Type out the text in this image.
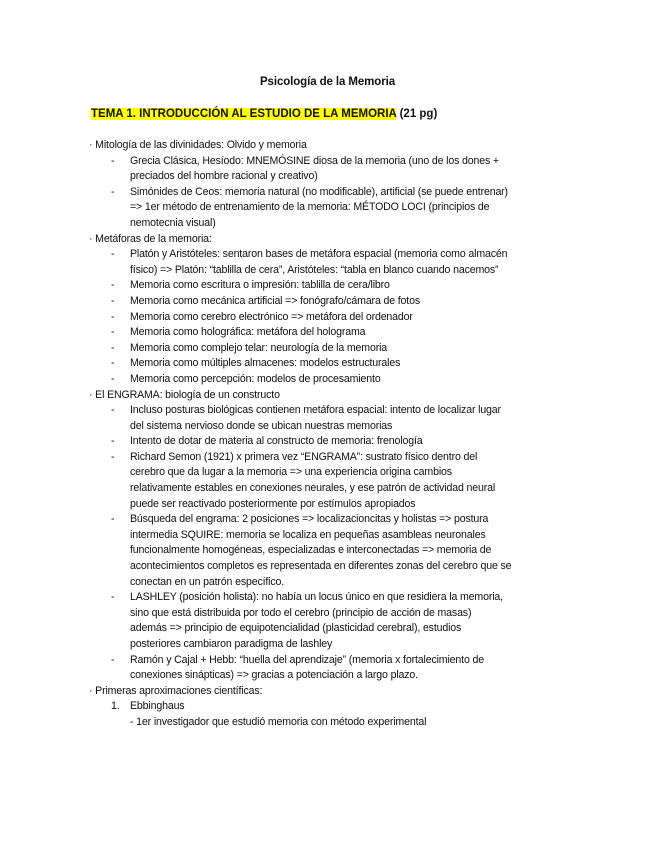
Psicología de la Memoria
TEMA 1. INTRODUCCIÓN AL ESTUDIO DE LA MEMORIA (21 pg)
· Mitología de las divinidades: Olvido y memoria
- Grecia Clásica, Hesíodo: MNEMÓSINE diosa de la memoria (uno de los dones +
preciados del hombre racional y creativo)
- Simónides de Ceos: memoria natural (no modificable), artificial (se puede entrenar)
=> 1er método de entrenamiento de la memoria: MÉTODO LOCI (principios de
nemotecnia visual)
· Metáforas de la memoria:
- Platón y Aristóteles: sentaron bases de metáfora espacial (memoria como almacén
físico) => Platón: “tablilla de cera”, Aristóteles: “tabla en blanco cuando nacemos”
- Memoria como escritura o impresión: tablilla de cera/libro
- Memoria como mecánica artificial => fonógrafo/cámara de fotos
- Memoria como cerebro electrónico => metáfora del ordenador
- Memoria como holográfica: metáfora del holograma
- Memoria como complejo telar: neurología de la memoria
- Memoria como múltiples almacenes: modelos estructurales
- Memoria como percepción: modelos de procesamiento
· El ENGRAMA: biología de un constructo
- Incluso posturas biológicas contienen metáfora espacial: intento de localizar lugar
del sistema nervioso donde se ubican nuestras memorias
- Intento de dotar de materia al constructo de memoria: frenología
- Richard Semon (1921) x primera vez “ENGRAMA”: sustrato físico dentro del
cerebro que da lugar a la memoria => una experiencia origina cambios
relativamente estables en conexiones neurales, y ese patrón de actividad neural
puede ser reactivado posteriormente por estímulos apropiados
- Búsqueda del engrama: 2 posiciones => localizacioncitas y holistas => postura
intermedia SQUIRE: memoria se localiza en pequeñas asambleas neuronales
funcionalmente homogéneas, especializadas e interconectadas => memoria de
acontecimientos completos es representada en diferentes zonas del cerebro que se
conectan en un patrón específico.
- LASHLEY (posición holista): no había un locus único en que residiera la memoria,
sino que está distribuida por todo el cerebro (principio de acción de masas)
además => principio de equipotencialidad (plasticidad cerebral), estudios
posteriores cambiaron paradigma de lashley
- Ramón y Cajal + Hebb: “huella del aprendizaje” (memoria x fortalecimiento de
conexiones sinápticas) => gracias a potenciación a largo plazo.
· Primeras aproximaciones científicas:
1. Ebbinghaus
- 1er investigador que estudió memoria con método experimental
